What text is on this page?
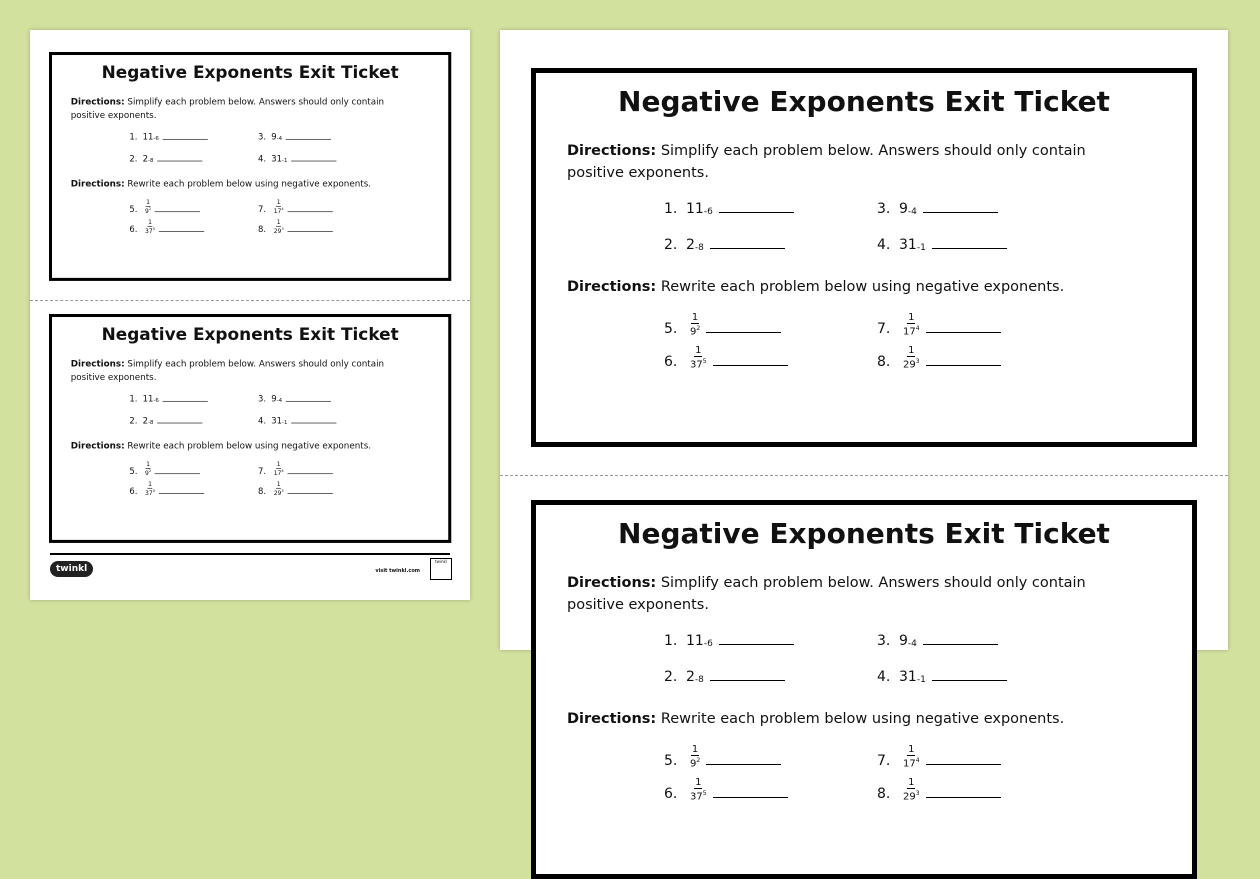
twinkl	visit twinkl.com
twinkl
Negative Exponents Exit Ticket
Directions: Simplify each problem below. Answers should only contain positive exponents.
Directions: Rewrite each problem below using negative exponents.
1. 11 -6
2. 2 -8
3. 9 -4
4. 31 -1
5. $\frac{1}{9^2}$
6. $\frac{1}{37^5}$
7. $\frac{1}{17^4}$
8. $\frac{1}{29^3}$
Negative Exponents Exit Ticket
Directions: Simplify each problem below. Answers should only contain positive exponents.
Directions: Rewrite each problem below using negative exponents.
1. 11 -6
2. 2 -8
3. 9 -4
4. 31 -1
5. $\frac{1}{9^2}$
6. $\frac{1}{37^5}$
7. $\frac{1}{17^4}$
8. $\frac{1}{29^3}$
Negative Exponents Exit Ticket
Directions: Simplify each problem below. Answers should only contain positive exponents.
Directions: Rewrite each problem below using negative exponents.
1. $11_{-6}$
2. $2_{-8}$
3. $9_{-4}$
4. $31_{-1}$
5.	$\frac{1}{9^2}$
6.	$\frac{1}{37^5}$
7.	$\frac{1}{17^4}$
8.	$\frac{1}{29^3}$
Negative Exponents Exit Ticket
Directions: Simplify each problem below. Answers should only contain positive exponents.
Directions: Rewrite each problem below using negative exponents.
1. $11_{-6}$
2. $2_{-8}$
3. $9_{-4}$
4. $31_{-1}$
5.	$\frac{1}{9^2}$
6.	$\frac{1}{37^5}$
7.	$\frac{1}{17^4}$
8.	$\frac{1}{29^3}$
